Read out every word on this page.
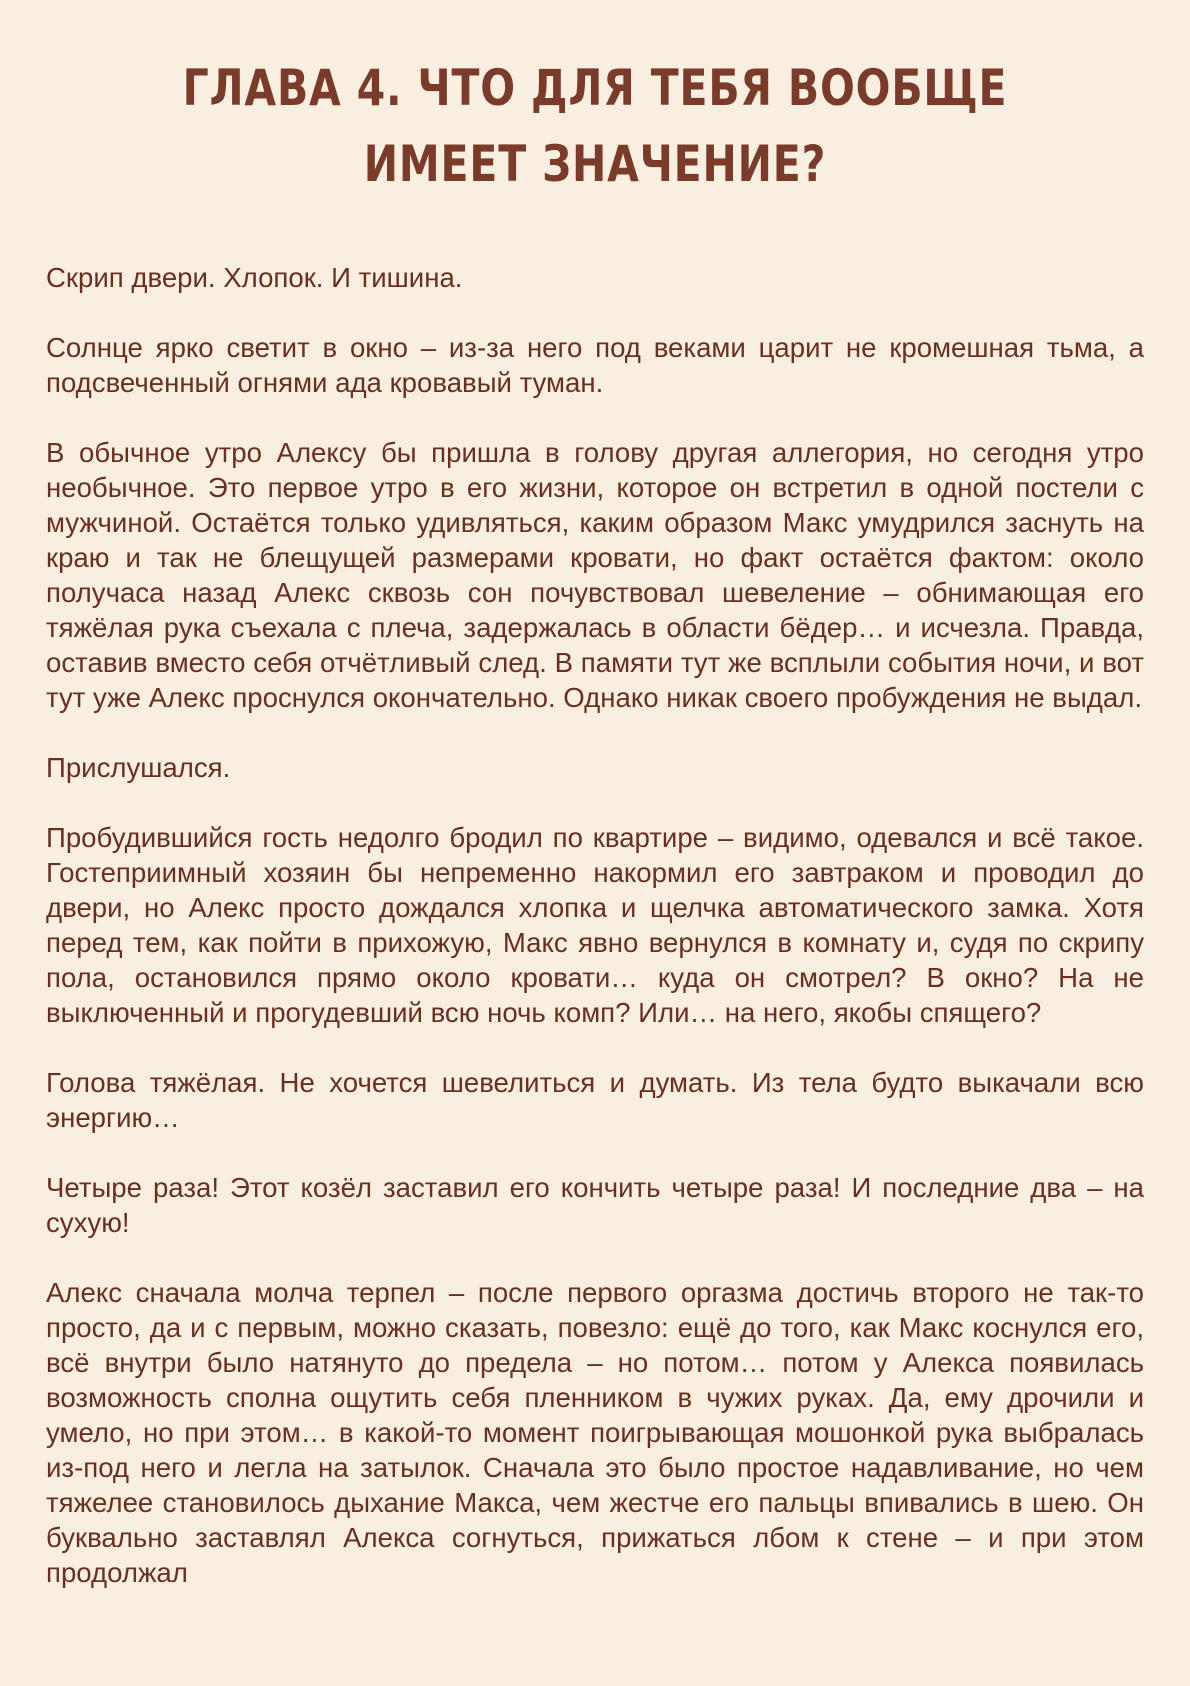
ГЛАВА 4. ЧТО ДЛЯ ТЕБЯ ВООБЩЕ ИМЕЕТ ЗНАЧЕНИЕ?

Скрип двери. Хлопок. И тишина.

Солнце ярко светит в окно – из-за него под веками царит не кромешная тьма, а подсвеченный огнями ада кровавый туман.

В обычное утро Алексу бы пришла в голову другая аллегория, но сегодня утро необычное. Это первое утро в его жизни, которое он встретил в одной постели с мужчиной. Остаётся только удивляться, каким образом Макс умудрился заснуть на краю и так не блещущей размерами кровати, но факт остаётся фактом: около получаса назад Алекс сквозь сон почувствовал шевеление – обнимающая его тяжёлая рука съехала с плеча, задержалась в области бёдер… и исчезла. Правда, оставив вместо себя отчётливый след. В памяти тут же всплыли события ночи, и вот тут уже Алекс проснулся окончательно. Однако никак своего пробуждения не выдал.

Прислушался.

Пробудившийся гость недолго бродил по квартире – видимо, одевался и всё такое. Гостеприимный хозяин бы непременно накормил его завтраком и проводил до двери, но Алекс просто дождался хлопка и щелчка автоматического замка. Хотя перед тем, как пойти в прихожую, Макс явно вернулся в комнату и, судя по скрипу пола, остановился прямо около кровати… куда он смотрел? В окно? На не выключенный и прогудевший всю ночь комп? Или… на него, якобы спящего?

Голова тяжёлая. Не хочется шевелиться и думать. Из тела будто выкачали всю энергию…

Четыре раза! Этот козёл заставил его кончить четыре раза! И последние два – на сухую!

Алекс сначала молча терпел – после первого оргазма достичь второго не так-то просто, да и с первым, можно сказать, повезло: ещё до того, как Макс коснулся его, всё внутри было натянуто до предела – но потом… потом у Алекса появилась возможность сполна ощутить себя пленником в чужих руках. Да, ему дрочили и умело, но при этом… в какой-то момент поигрывающая мошонкой рука выбралась из-под него и легла на затылок. Сначала это было простое надавливание, но чем тяжелее становилось дыхание Макса, чем жестче его пальцы впивались в шею. Он буквально заставлял Алекса согнуться, прижаться лбом к стене – и при этом продолжал
